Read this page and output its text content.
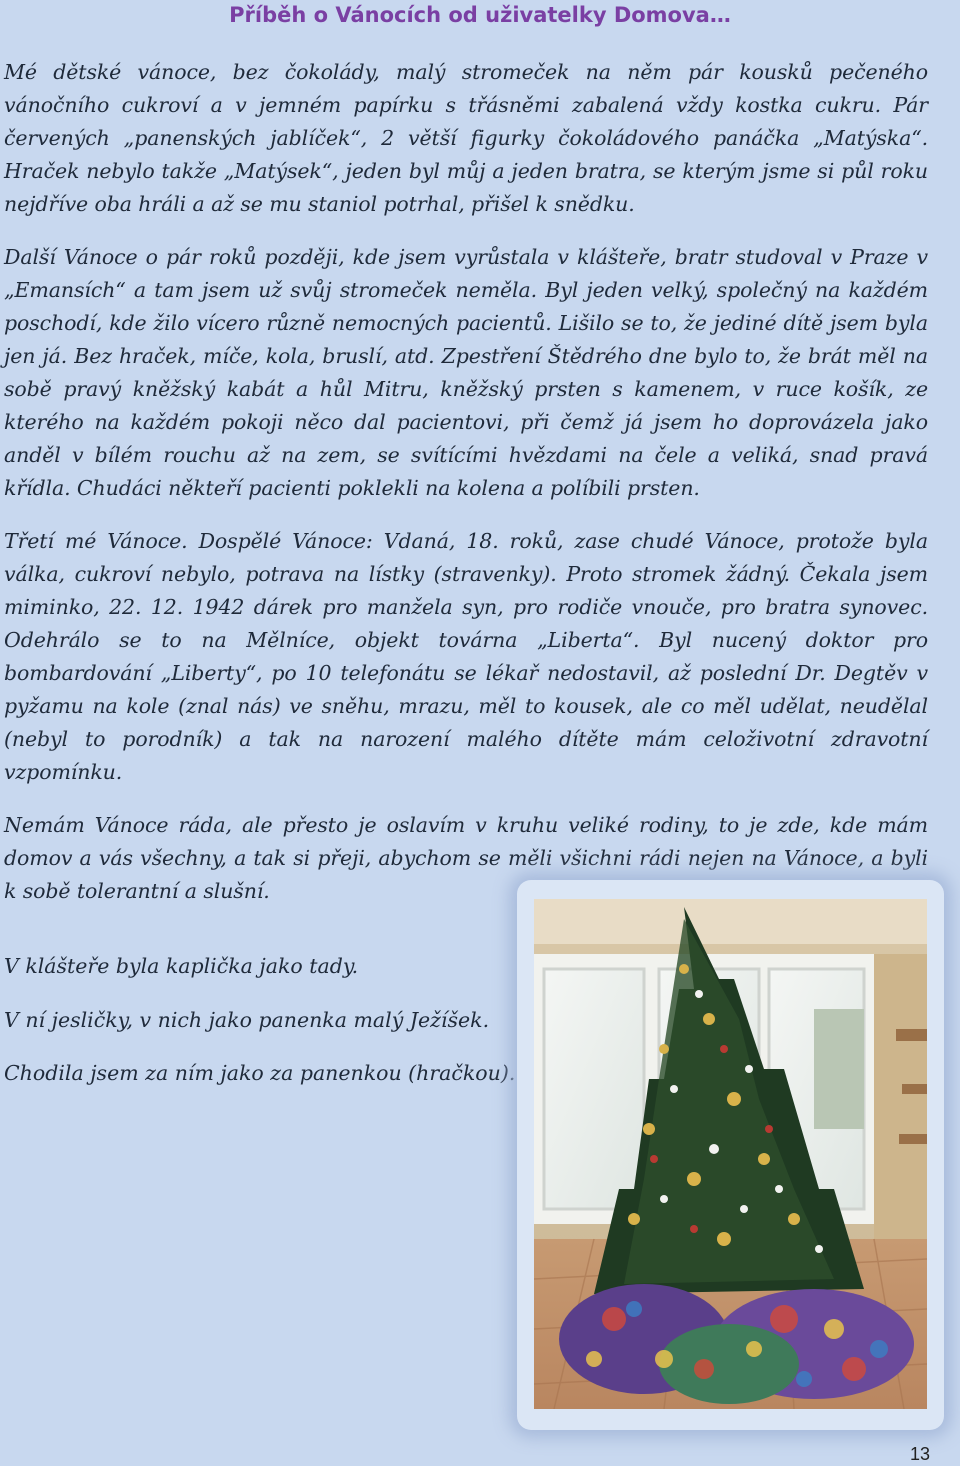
Příběh o Vánocích od uživatelky Domova…

Mé dětské vánoce, bez čokolády, malý stromeček na něm pár kousků pečeného vánočního cukroví a v jemném papírku s třásněmi zabalená vždy kostka cukru. Pár červených „panenských jablíček“, 2 větší figurky čokoládového panáčka „Matýska“. Hraček nebylo takže „Matýsek“, jeden byl můj a jeden bratra, se kterým jsme si půl roku nejdříve oba hráli a až se mu staniol potrhal, přišel k snědku.

Další Vánoce o pár roků později, kde jsem vyrůstala v klášteře, bratr studoval v Praze v „Emansích“ a tam jsem už svůj stromeček neměla. Byl jeden velký, společný na každém poschodí, kde žilo vícero různě nemocných pacientů. Lišilo se to, že jediné dítě jsem byla jen já. Bez hraček, míče, kola, bruslí, atd. Zpestření Štědrého dne bylo to, že brát měl na sobě pravý kněžský kabát a hůl Mitru, kněžský prsten s kamenem, v ruce košík, ze kterého na každém pokoji něco dal pacientovi, při čemž já jsem ho doprovázela jako anděl v bílém rouchu až na zem, se svítícími hvězdami na čele a veliká, snad pravá křídla. Chudáci někteří pacienti poklekli na kolena a políbili prsten.

Třetí mé Vánoce. Dospělé Vánoce: Vdaná, 18. roků, zase chudé Vánoce, protože byla válka, cukroví nebylo, potrava na lístky (stravenky). Proto stromek žádný. Čekala jsem miminko, 22. 12. 1942 dárek pro manžela syn, pro rodiče vnouče, pro bratra synovec. Odehrálo se to na Mělníce, objekt továrna „Liberta“. Byl nucený doktor pro bombardování „Liberty“, po 10 telefonátu se lékař nedostavil, až poslední Dr. Degtěv v pyžamu na kole (znal nás) ve sněhu, mrazu, měl to kousek, ale co měl udělat, neudělal (nebyl to porodník) a tak na narození malého dítěte mám celoživotní zdravotní vzpomínku.

Nemám Vánoce ráda, ale přesto je oslavím v kruhu veliké rodiny, to je zde, kde mám domov a vás všechny, a tak si přeji, abychom se měli všichni rádi nejen na Vánoce, a byli k sobě tolerantní a slušní.

V klášteře byla kaplička jako tady.

V ní jesličky, v nich jako panenka malý Ježíšek.

Chodila jsem za ním jako za panenkou (hračkou).

13
